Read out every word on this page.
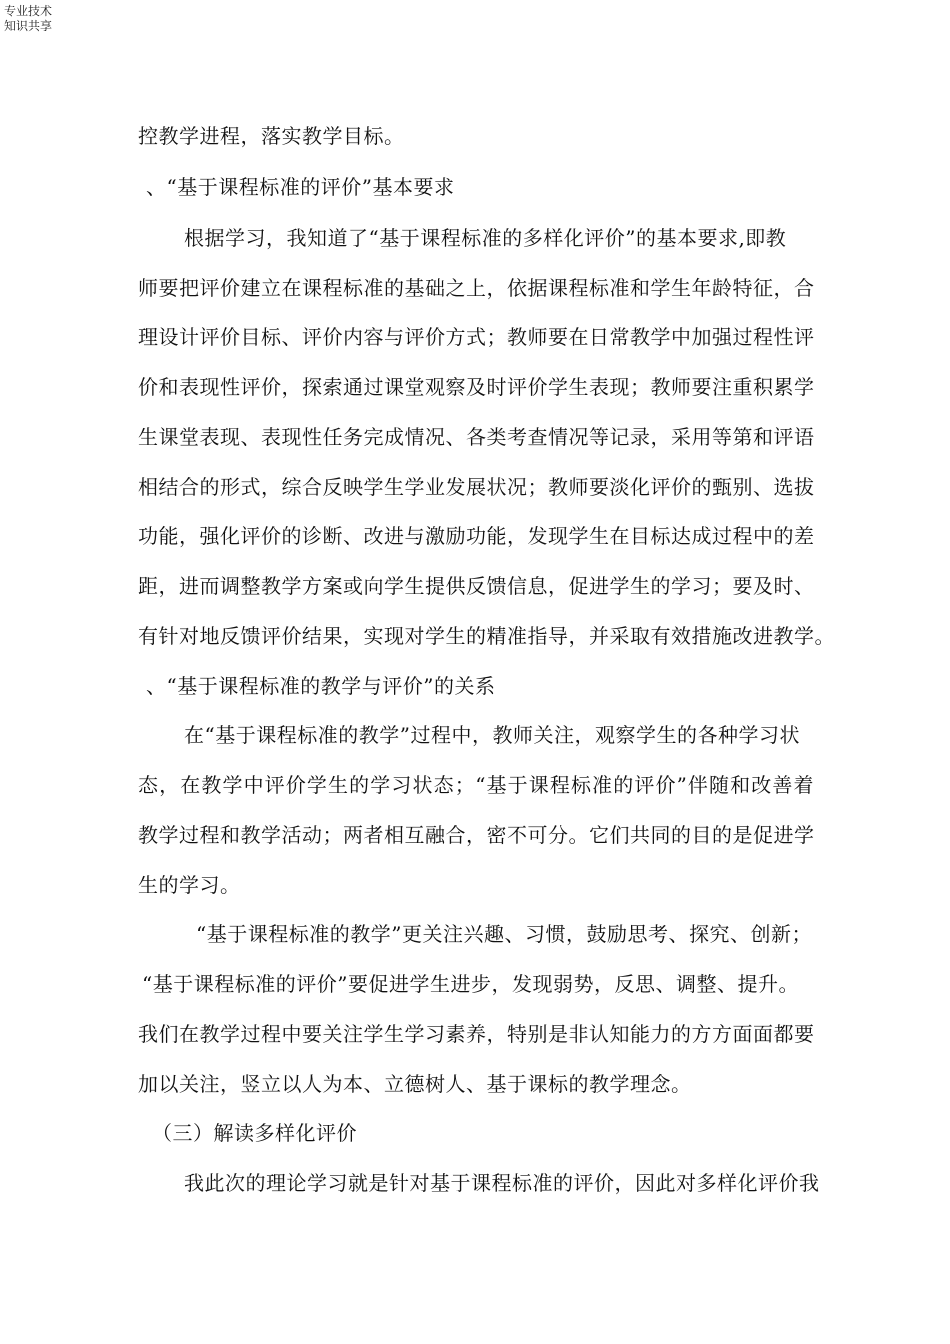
专业技术知识共享
控教学进程，落实教学目标。
、“基于课程标准的评价”基本要求
根据学习，我知道了“基于课程标准的多样化评价”的基本要求,即教
师要把评价建立在课程标准的基础之上，依据课程标准和学生年龄特征，合
理设计评价目标、评价内容与评价方式；教师要在日常教学中加强过程性评
价和表现性评价，探索通过课堂观察及时评价学生表现；教师要注重积累学
生课堂表现、表现性任务完成情况、各类考查情况等记录，采用等第和评语
相结合的形式，综合反映学生学业发展状况；教师要淡化评价的甄别、选拔
功能，强化评价的诊断、改进与激励功能，发现学生在目标达成过程中的差
距，进而调整教学方案或向学生提供反馈信息，促进学生的学习；要及时、
有针对地反馈评价结果，实现对学生的精准指导，并采取有效措施改进教学。
、“基于课程标准的教学与评价”的关系
在“基于课程标准的教学”过程中，教师关注，观察学生的各种学习状
态，在教学中评价学生的学习状态；“基于课程标准的评价”伴随和改善着
教学过程和教学活动；两者相互融合，密不可分。它们共同的目的是促进学
生的学习。
“基于课程标准的教学”更关注兴趣、习惯，鼓励思考、探究、创新；
“基于课程标准的评价”要促进学生进步，发现弱势，反思、调整、提升。
我们在教学过程中要关注学生学习素养，特别是非认知能力的方方面面都要
加以关注，竖立以人为本、立德树人、基于课标的教学理念。
（三）解读多样化评价
我此次的理论学习就是针对基于课程标准的评价，因此对多样化评价我
